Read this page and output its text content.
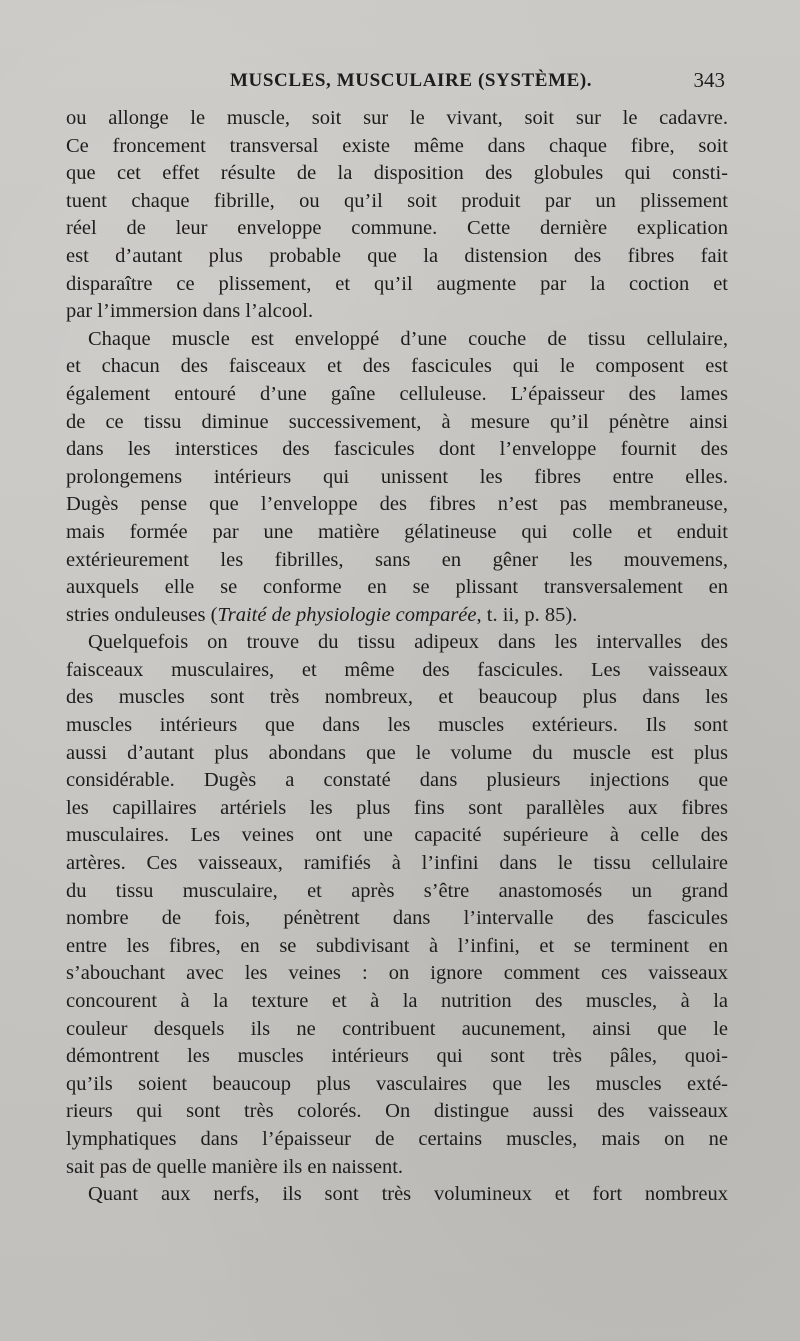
MUSCLES, MUSCULAIRE (SYSTÈME).	343
ou allonge le muscle, soit sur le vivant, soit sur le cadavre.
Ce froncement transversal existe même dans chaque fibre, soit
que cet effet résulte de la disposition des globules qui consti-
tuent chaque fibrille, ou qu’il soit produit par un plissement
réel de leur enveloppe commune. Cette dernière explication
est d’autant plus probable que la distension des fibres fait
disparaître ce plissement, et qu’il augmente par la coction et
par l’immersion dans l’alcool.
Chaque muscle est enveloppé d’une couche de tissu cellulaire,
et chacun des faisceaux et des fascicules qui le composent est
également entouré d’une gaîne celluleuse. L’épaisseur des lames
de ce tissu diminue successivement, à mesure qu’il pénètre ainsi
dans les interstices des fascicules dont l’enveloppe fournit des
prolongemens intérieurs qui unissent les fibres entre elles.
Dugès pense que l’enveloppe des fibres n’est pas membraneuse,
mais formée par une matière gélatineuse qui colle et enduit
extérieurement les fibrilles, sans en gêner les mouvemens,
auxquels elle se conforme en se plissant transversalement en
stries onduleuses (Traité de physiologie comparée, t. ii, p. 85).
Quelquefois on trouve du tissu adipeux dans les intervalles des
faisceaux musculaires, et même des fascicules. Les vaisseaux
des muscles sont très nombreux, et beaucoup plus dans les
muscles intérieurs que dans les muscles extérieurs. Ils sont
aussi d’autant plus abondans que le volume du muscle est plus
considérable. Dugès a constaté dans plusieurs injections que
les capillaires artériels les plus fins sont parallèles aux fibres
musculaires. Les veines ont une capacité supérieure à celle des
artères. Ces vaisseaux, ramifiés à l’infini dans le tissu cellulaire
du tissu musculaire, et après s’être anastomosés un grand
nombre de fois, pénètrent dans l’intervalle des fascicules
entre les fibres, en se subdivisant à l’infini, et se terminent en
s’abouchant avec les veines : on ignore comment ces vaisseaux
concourent à la texture et à la nutrition des muscles, à la
couleur desquels ils ne contribuent aucunement, ainsi que le
démontrent les muscles intérieurs qui sont très pâles, quoi-
qu’ils soient beaucoup plus vasculaires que les muscles exté-
rieurs qui sont très colorés. On distingue aussi des vaisseaux
lymphatiques dans l’épaisseur de certains muscles, mais on ne
sait pas de quelle manière ils en naissent.
Quant aux nerfs, ils sont très volumineux et fort nombreux
